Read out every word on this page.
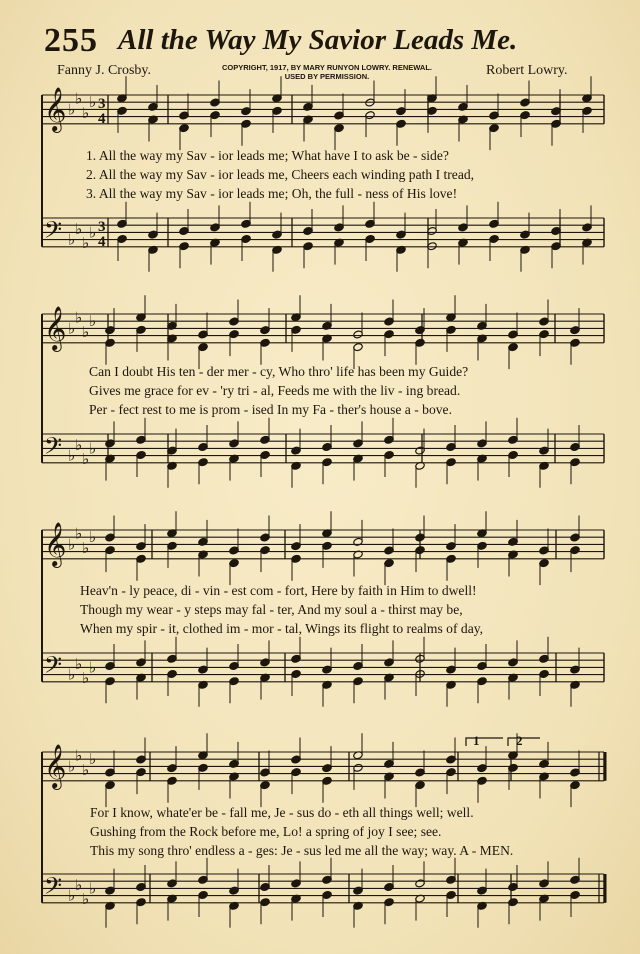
255 All the Way My Savior Leads Me.
Fanny J. Crosby.	COPYRIGHT, 1917, BY MARY RUNYON LOWRY. RENEWAL.
USED BY PERMISSION.	Robert Lowry.
𝄞
𝄢
♭
♭
♭
♭
♭
♭
♭
♭
3
4
3
4
𝄞
𝄢
♭
♭
♭
♭
♭
♭
♭
♭
𝄞
𝄢
♭
♭
♭
♭
♭
♭
♭
♭
𝄞
𝄢
♭
♭
♭
♭
♭
♭
♭
♭
1	2
1. All the way my Sav - ior leads me; What have I to ask be - side?
2. All the way my Sav - ior leads me, Cheers each winding path I tread,
3. All the way my Sav - ior leads me; Oh, the full - ness of His love!
Can I doubt His ten - der mer - cy, Who thro' life has been my Guide?
Gives me grace for ev - 'ry tri - al, Feeds me with the liv - ing bread.
Per - fect rest to me is prom - ised In my Fa - ther's house a - bove.
Heav'n - ly peace, di - vin - est com - fort, Here by faith in Him to dwell!
Though my wear - y steps may fal - ter, And my soul a - thirst may be,
When my spir - it, clothed im - mor - tal, Wings its flight to realms of day,
For I know, whate'er be - fall me, Je - sus do - eth all things well; well.
Gushing from the Rock before me, Lo! a spring of joy I see; see.
This my song thro' endless a - ges: Je - sus led me all the way; way. A - MEN.
